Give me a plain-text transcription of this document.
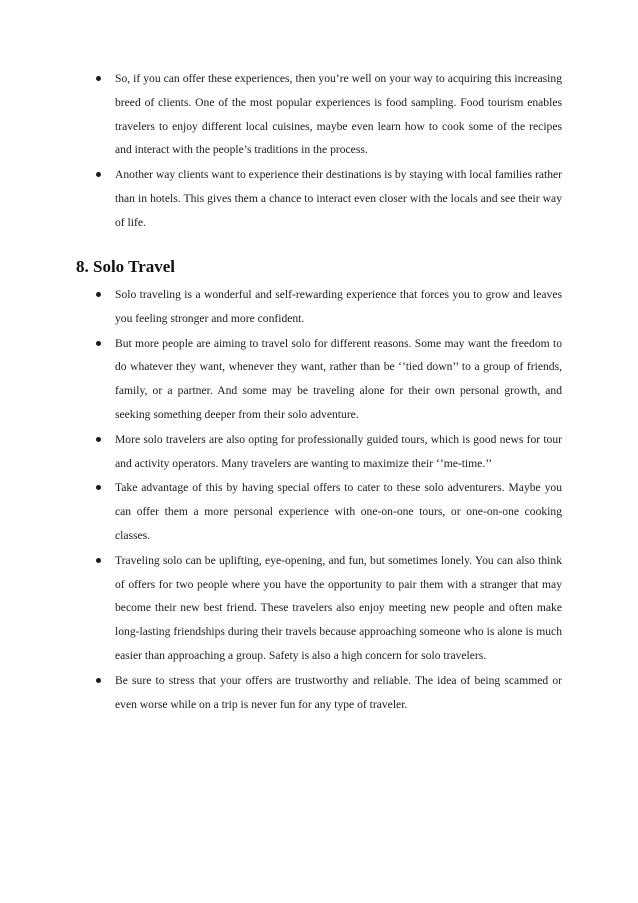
So, if you can offer these experiences, then you’re well on your way to acquiring this increasing breed of clients. One of the most popular experiences is food sampling. Food tourism enables travelers to enjoy different local cuisines, maybe even learn how to cook some of the recipes and interact with the people’s traditions in the process.
Another way clients want to experience their destinations is by staying with local families rather than in hotels. This gives them a chance to interact even closer with the locals and see their way of life.
8. Solo Travel
Solo traveling is a wonderful and self-rewarding experience that forces you to grow and leaves you feeling stronger and more confident.
But more people are aiming to travel solo for different reasons. Some may want the freedom to do whatever they want, whenever they want, rather than be ‘’tied down’’ to a group of friends, family, or a partner. And some may be traveling alone for their own personal growth, and seeking something deeper from their solo adventure.
More solo travelers are also opting for professionally guided tours, which is good news for tour and activity operators. Many travelers are wanting to maximize their ‘’me-time.’’
Take advantage of this by having special offers to cater to these solo adventurers. Maybe you can offer them a more personal experience with one-on-one tours, or one-on-one cooking classes.
Traveling solo can be uplifting, eye-opening, and fun, but sometimes lonely. You can also think of offers for two people where you have the opportunity to pair them with a stranger that may become their new best friend. These travelers also enjoy meeting new people and often make long-lasting friendships during their travels because approaching someone who is alone is much easier than approaching a group. Safety is also a high concern for solo travelers.
Be sure to stress that your offers are trustworthy and reliable. The idea of being scammed or even worse while on a trip is never fun for any type of traveler.
